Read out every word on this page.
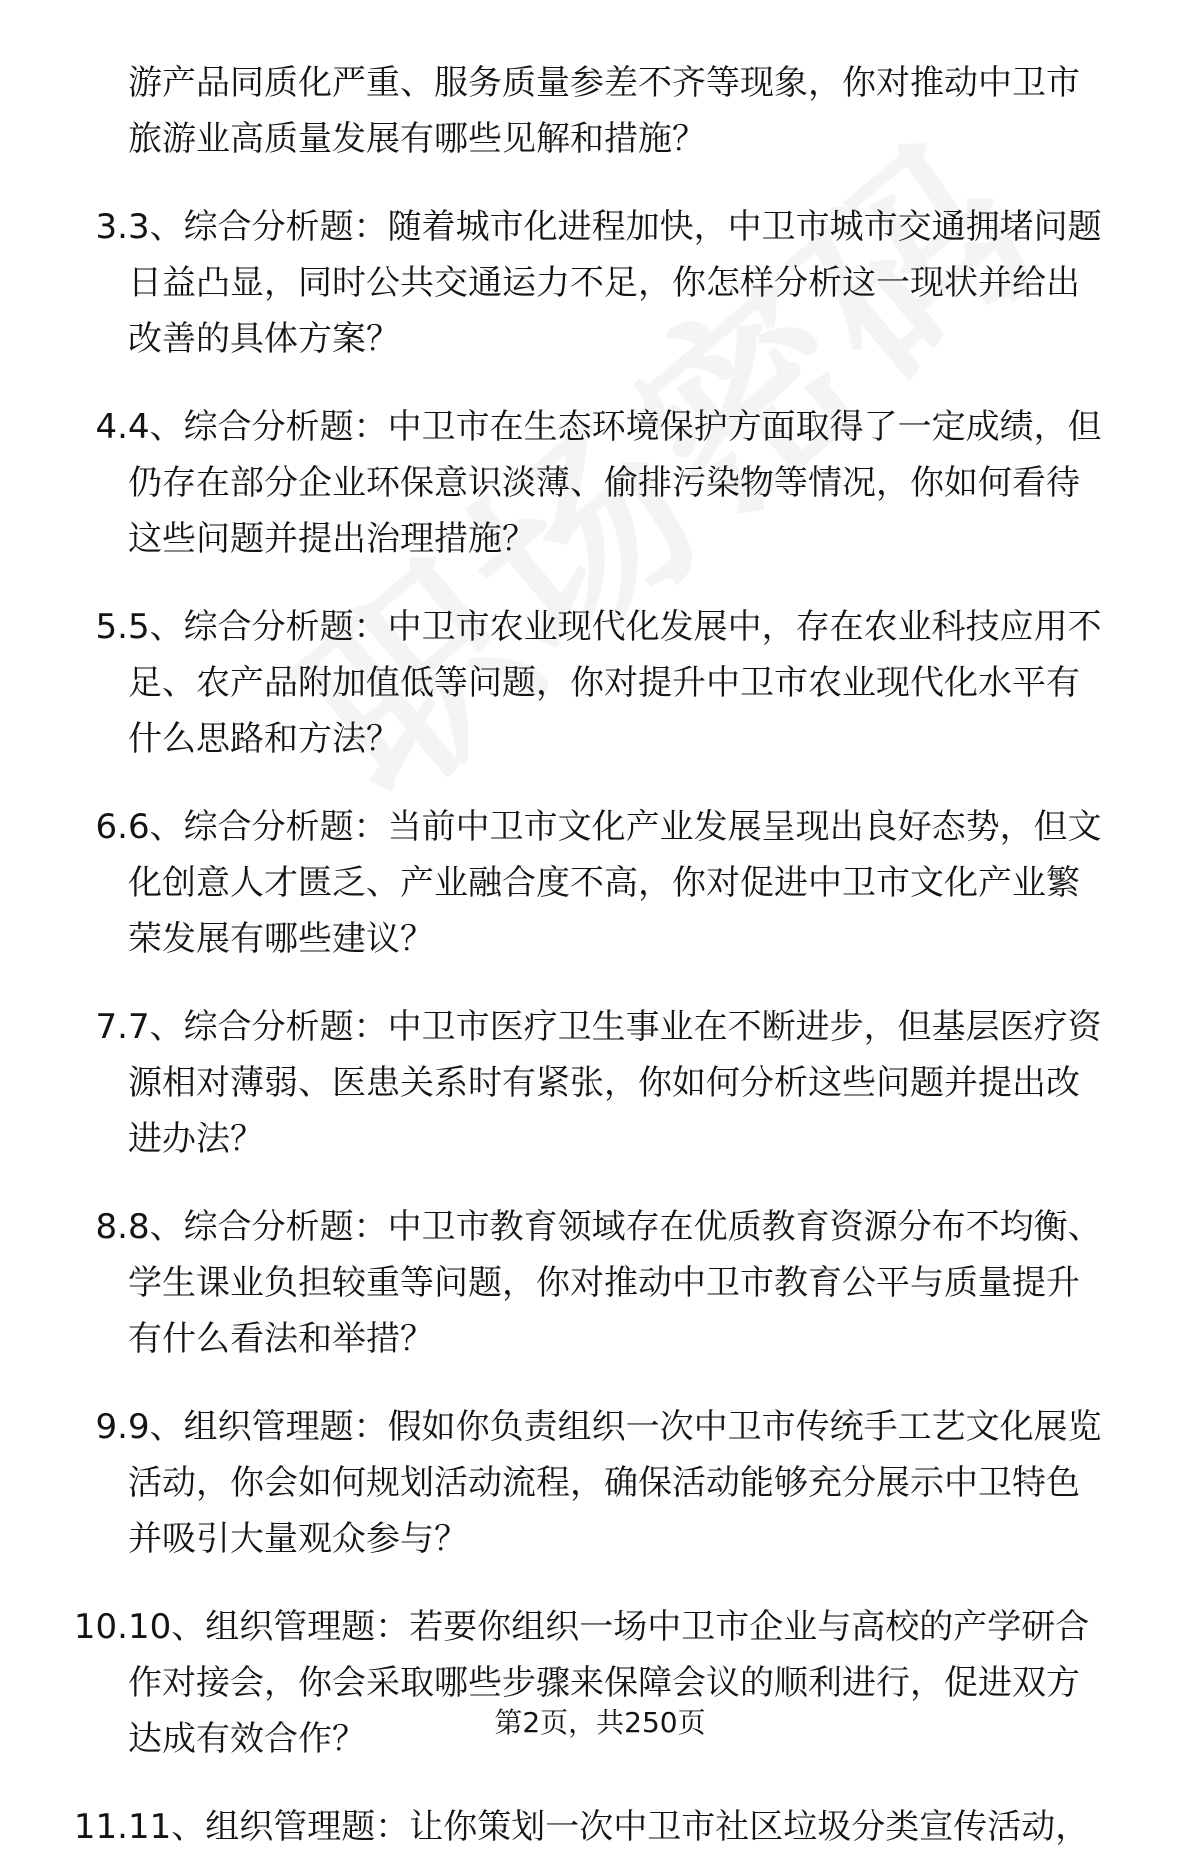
游产品同质化严重、服务质量参差不齐等现象，你对推动中卫市
旅游业高质量发展有哪些见解和措施？
3. 3、综合分析题：随着城市化进程加快，中卫市城市交通拥堵问题
日益凸显，同时公共交通运力不足，你怎样分析这一现状并给出
改善的具体方案？
4. 4、综合分析题：中卫市在生态环境保护方面取得了一定成绩，但
仍存在部分企业环保意识淡薄、偷排污染物等情况，你如何看待
这些问题并提出治理措施？
5. 5、综合分析题：中卫市农业现代化发展中，存在农业科技应用不
足、农产品附加值低等问题，你对提升中卫市农业现代化水平有
什么思路和方法？
6. 6、综合分析题：当前中卫市文化产业发展呈现出良好态势，但文
化创意人才匮乏、产业融合度不高，你对促进中卫市文化产业繁
荣发展有哪些建议？
7. 7、综合分析题：中卫市医疗卫生事业在不断进步，但基层医疗资
源相对薄弱、医患关系时有紧张，你如何分析这些问题并提出改
进办法？
8. 8、综合分析题：中卫市教育领域存在优质教育资源分布不均衡、
学生课业负担较重等问题，你对推动中卫市教育公平与质量提升
有什么看法和举措？
9. 9、组织管理题：假如你负责组织一次中卫市传统手工艺文化展览
活动，你会如何规划活动流程，确保活动能够充分展示中卫特色
并吸引大量观众参与？
10. 10、组织管理题：若要你组织一场中卫市企业与高校的产学研合
作对接会，你会采取哪些步骤来保障会议的顺利进行，促进双方
达成有效合作？
11. 11、组织管理题：让你策划一次中卫市社区垃圾分类宣传活动，
第2页，共250页
